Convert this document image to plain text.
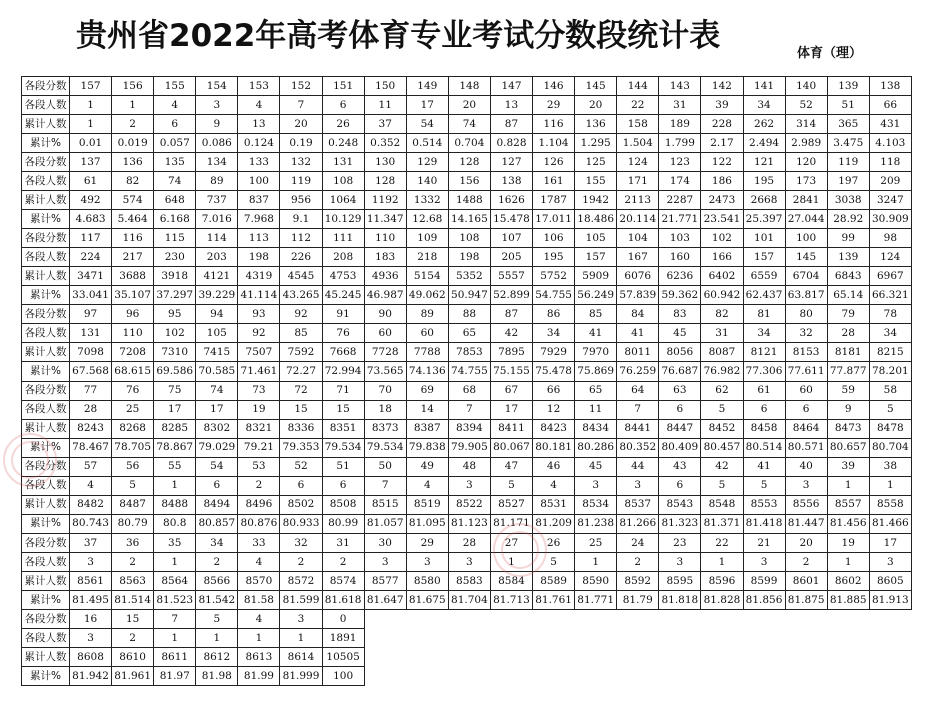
贵州省2022年高考体育专业考试分数段统计表	体育（理）
各段分数	157	156	155	154	153	152	151	150	149	148	147	146	145	144	143	142	141	140	139	138
各段人数	1	1	4	3	4	7	6	11	17	20	13	29	20	22	31	39	34	52	51	66
累计人数	1	2	6	9	13	20	26	37	54	74	87	116	136	158	189	228	262	314	365	431
累计%	0.01	0.019	0.057	0.086	0.124	0.19	0.248	0.352	0.514	0.704	0.828	1.104	1.295	1.504	1.799	2.17	2.494	2.989	3.475	4.103
各段分数	137	136	135	134	133	132	131	130	129	128	127	126	125	124	123	122	121	120	119	118
各段人数	61	82	74	89	100	119	108	128	140	156	138	161	155	171	174	186	195	173	197	209
累计人数	492	574	648	737	837	956	1064	1192	1332	1488	1626	1787	1942	2113	2287	2473	2668	2841	3038	3247
累计%	4.683	5.464	6.168	7.016	7.968	9.1	10.129	11.347	12.68	14.165	15.478	17.011	18.486	20.114	21.771	23.541	25.397	27.044	28.92	30.909
各段分数	117	116	115	114	113	112	111	110	109	108	107	106	105	104	103	102	101	100	99	98
各段人数	224	217	230	203	198	226	208	183	218	198	205	195	157	167	160	166	157	145	139	124
累计人数	3471	3688	3918	4121	4319	4545	4753	4936	5154	5352	5557	5752	5909	6076	6236	6402	6559	6704	6843	6967
累计%	33.041	35.107	37.297	39.229	41.114	43.265	45.245	46.987	49.062	50.947	52.899	54.755	56.249	57.839	59.362	60.942	62.437	63.817	65.14	66.321
各段分数	97	96	95	94	93	92	91	90	89	88	87	86	85	84	83	82	81	80	79	78
各段人数	131	110	102	105	92	85	76	60	60	65	42	34	41	41	45	31	34	32	28	34
累计人数	7098	7208	7310	7415	7507	7592	7668	7728	7788	7853	7895	7929	7970	8011	8056	8087	8121	8153	8181	8215
累计%	67.568	68.615	69.586	70.585	71.461	72.27	72.994	73.565	74.136	74.755	75.155	75.478	75.869	76.259	76.687	76.982	77.306	77.611	77.877	78.201
各段分数	77	76	75	74	73	72	71	70	69	68	67	66	65	64	63	62	61	60	59	58
各段人数	28	25	17	17	19	15	15	18	14	7	17	12	11	7	6	5	6	6	9	5
累计人数	8243	8268	8285	8302	8321	8336	8351	8373	8387	8394	8411	8423	8434	8441	8447	8452	8458	8464	8473	8478
累计%	78.467	78.705	78.867	79.029	79.21	79.353	79.534	79.534	79.838	79.905	80.067	80.181	80.286	80.352	80.409	80.457	80.514	80.571	80.657	80.704
各段分数	57	56	55	54	53	52	51	50	49	48	47	46	45	44	43	42	41	40	39	38
各段人数	4	5	1	6	2	6	6	7	4	3	5	4	3	3	6	5	5	3	1	1
累计人数	8482	8487	8488	8494	8496	8502	8508	8515	8519	8522	8527	8531	8534	8537	8543	8548	8553	8556	8557	8558
累计%	80.743	80.79	80.8	80.857	80.876	80.933	80.99	81.057	81.095	81.123	81.171	81.209	81.238	81.266	81.323	81.371	81.418	81.447	81.456	81.466
各段分数	37	36	35	34	33	32	31	30	29	28	27	26	25	24	23	22	21	20	19	17
各段人数	3	2	1	2	4	2	2	3	3	3	1	5	1	2	3	1	3	2	1	3
累计人数	8561	8563	8564	8566	8570	8572	8574	8577	8580	8583	8584	8589	8590	8592	8595	8596	8599	8601	8602	8605
累计%	81.495	81.514	81.523	81.542	81.58	81.599	81.618	81.647	81.675	81.704	81.713	81.761	81.771	81.79	81.818	81.828	81.856	81.875	81.885	81.913
各段分数	16	15	7	5	4	3	0													
各段人数	3	2	1	1	1	1	1891													
累计人数	8608	8610	8611	8612	8613	8614	10505													
累计%	81.942	81.961	81.97	81.98	81.99	81.999	100													
